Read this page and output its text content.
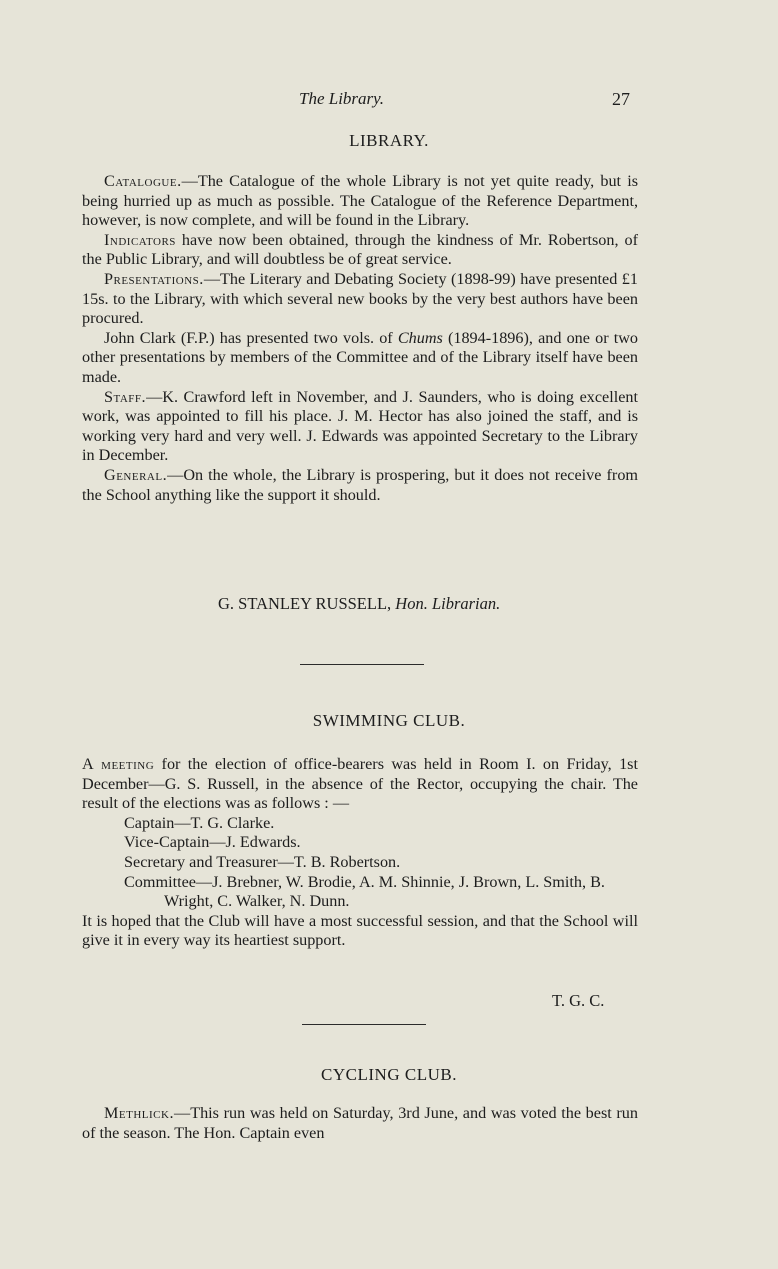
The Library.	27
LIBRARY.

Catalogue.—The Catalogue of the whole Library is not yet quite ready, but is being hurried up as much as possible. The Catalogue of the Reference Department, however, is now complete, and will be found in the Library.

Indicators have now been obtained, through the kindness of Mr. Robertson, of the Public Library, and will doubtless be of great service.

Presentations.—The Literary and Debating Society (1898-99) have presented £1 15s. to the Library, with which several new books by the very best authors have been procured.

John Clark (F.P.) has presented two vols. of Chums (1894-1896), and one or two other presentations by members of the Committee and of the Library itself have been made.

Staff.—K. Crawford left in November, and J. Saunders, who is doing excellent work, was appointed to fill his place. J. M. Hector has also joined the staff, and is working very hard and very well. J. Edwards was appointed Secretary to the Library in December.

General.—On the whole, the Library is prospering, but it does not receive from the School anything like the support it should.

G. STANLEY RUSSELL, Hon. Librarian.
SWIMMING CLUB.

A meeting for the election of office-bearers was held in Room I. on Friday, 1st December—G. S. Russell, in the absence of the Rector, occupying the chair. The result of the elections was as follows : —

Captain—T. G. Clarke.
Vice-Captain—J. Edwards.
Secretary and Treasurer—T. B. Robertson.
Committee—J. Brebner, W. Brodie, A. M. Shinnie, J. Brown, L. Smith, B. Wright, C. Walker, N. Dunn.

It is hoped that the Club will have a most successful session, and that the School will give it in every way its heartiest support.

T. G. C.
CYCLING CLUB.

Methlick.—This run was held on Saturday, 3rd June, and was voted the best run of the season. The Hon. Captain even
